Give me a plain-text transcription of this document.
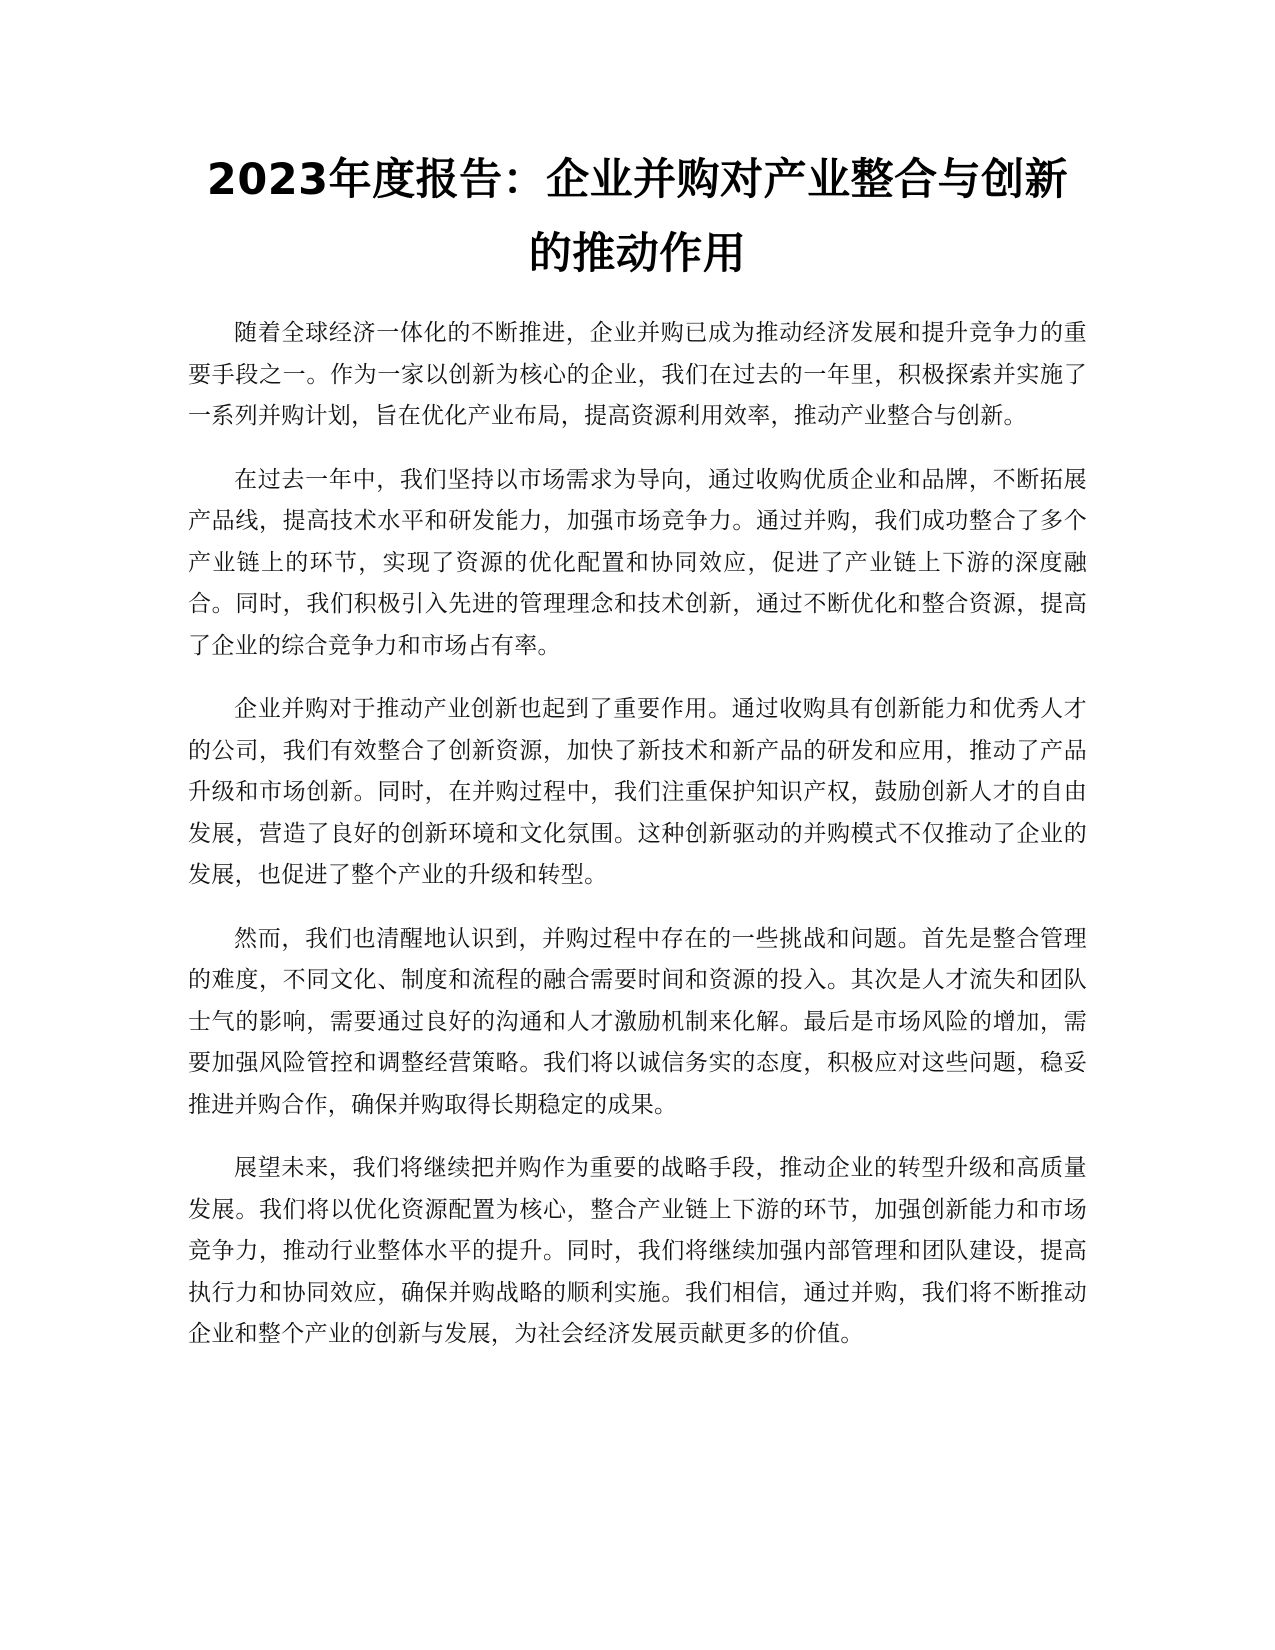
2023年度报告：企业并购对产业整合与创新的推动作用

随着全球经济一体化的不断推进，企业并购已成为推动经济发展和提升竞争力的重要手段之一。作为一家以创新为核心的企业，我们在过去的一年里，积极探索并实施了一系列并购计划，旨在优化产业布局，提高资源利用效率，推动产业整合与创新。

在过去一年中，我们坚持以市场需求为导向，通过收购优质企业和品牌，不断拓展产品线，提高技术水平和研发能力，加强市场竞争力。通过并购，我们成功整合了多个产业链上的环节，实现了资源的优化配置和协同效应，促进了产业链上下游的深度融合。同时，我们积极引入先进的管理理念和技术创新，通过不断优化和整合资源，提高了企业的综合竞争力和市场占有率。

企业并购对于推动产业创新也起到了重要作用。通过收购具有创新能力和优秀人才的公司，我们有效整合了创新资源，加快了新技术和新产品的研发和应用，推动了产品升级和市场创新。同时，在并购过程中，我们注重保护知识产权，鼓励创新人才的自由发展，营造了良好的创新环境和文化氛围。这种创新驱动的并购模式不仅推动了企业的发展，也促进了整个产业的升级和转型。

然而，我们也清醒地认识到，并购过程中存在的一些挑战和问题。首先是整合管理的难度，不同文化、制度和流程的融合需要时间和资源的投入。其次是人才流失和团队士气的影响，需要通过良好的沟通和人才激励机制来化解。最后是市场风险的增加，需要加强风险管控和调整经营策略。我们将以诚信务实的态度，积极应对这些问题，稳妥推进并购合作，确保并购取得长期稳定的成果。

展望未来，我们将继续把并购作为重要的战略手段，推动企业的转型升级和高质量发展。我们将以优化资源配置为核心，整合产业链上下游的环节，加强创新能力和市场竞争力，推动行业整体水平的提升。同时，我们将继续加强内部管理和团队建设，提高执行力和协同效应，确保并购战略的顺利实施。我们相信，通过并购，我们将不断推动企业和整个产业的创新与发展，为社会经济发展贡献更多的价值。
